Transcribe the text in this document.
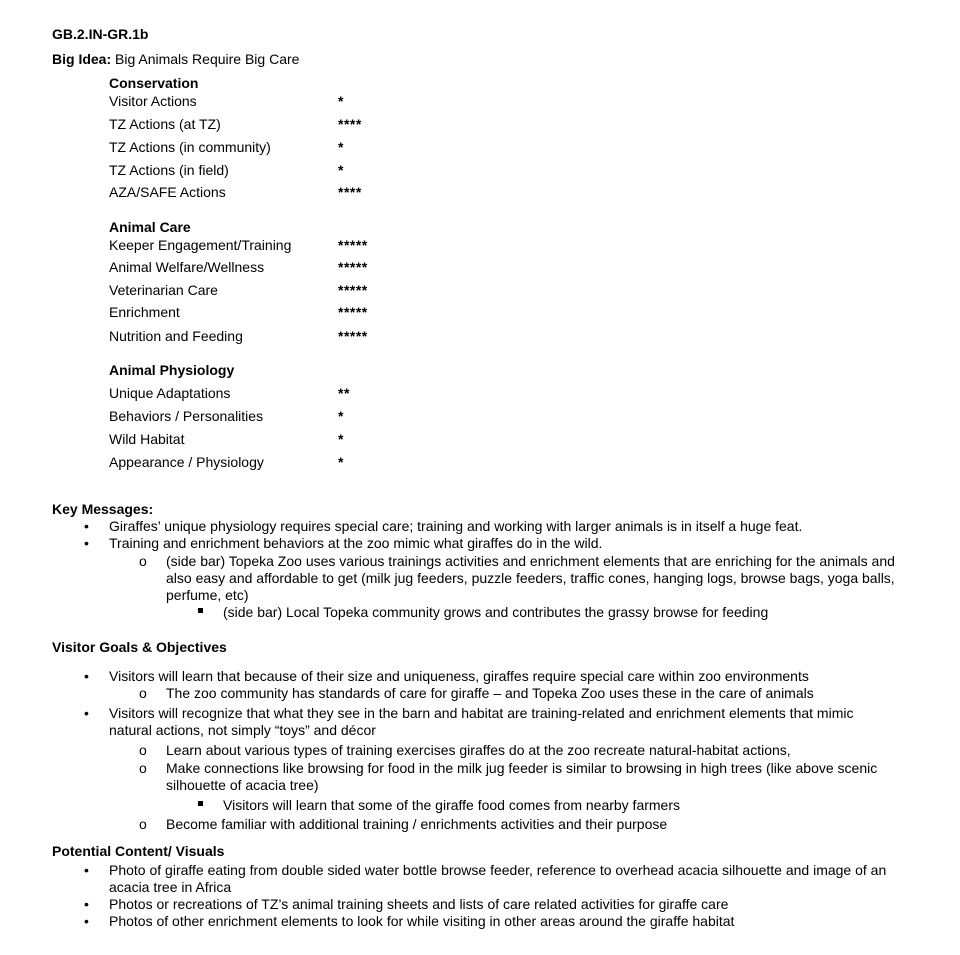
GB.2.IN-GR.1b
Big Idea: Big Animals Require Big Care
Conservation
Visitor Actions	*
TZ Actions (at TZ)	****
TZ Actions (in community)	*
TZ Actions (in field)	*
AZA/SAFE Actions	****
Animal Care
Keeper Engagement/Training	*****
Animal Welfare/Wellness	*****
Veterinarian Care	*****
Enrichment	*****
Nutrition and Feeding	*****
Animal Physiology
Unique Adaptations	**
Behaviors / Personalities	*
Wild Habitat	*
Appearance / Physiology	*
Key Messages:
• Giraffes’ unique physiology requires special care; training and working with larger animals is in itself a huge feat.
• Training and enrichment behaviors at the zoo mimic what giraffes do in the wild.
o (side bar) Topeka Zoo uses various trainings activities and enrichment elements that are enriching for the animals and also easy and affordable to get (milk jug feeders, puzzle feeders, traffic cones, hanging logs, browse bags, yoga balls, perfume, etc)
(side bar) Local Topeka community grows and contributes the grassy browse for feeding
Visitor Goals & Objectives
• Visitors will learn that because of their size and uniqueness, giraffes require special care within zoo environments
o The zoo community has standards of care for giraffe – and Topeka Zoo uses these in the care of animals
• Visitors will recognize that what they see in the barn and habitat are training-related and enrichment elements that mimic natural actions, not simply “toys” and décor
o Learn about various types of training exercises giraffes do at the zoo recreate natural-habitat actions,
o Make connections like browsing for food in the milk jug feeder is similar to browsing in high trees (like above scenic silhouette of acacia tree)
Visitors will learn that some of the giraffe food comes from nearby farmers
o Become familiar with additional training / enrichments activities and their purpose
Potential Content/ Visuals
• Photo of giraffe eating from double sided water bottle browse feeder, reference to overhead acacia silhouette and image of an acacia tree in Africa
• Photos or recreations of TZ’s animal training sheets and lists of care related activities for giraffe care
• Photos of other enrichment elements to look for while visiting in other areas around the giraffe habitat
